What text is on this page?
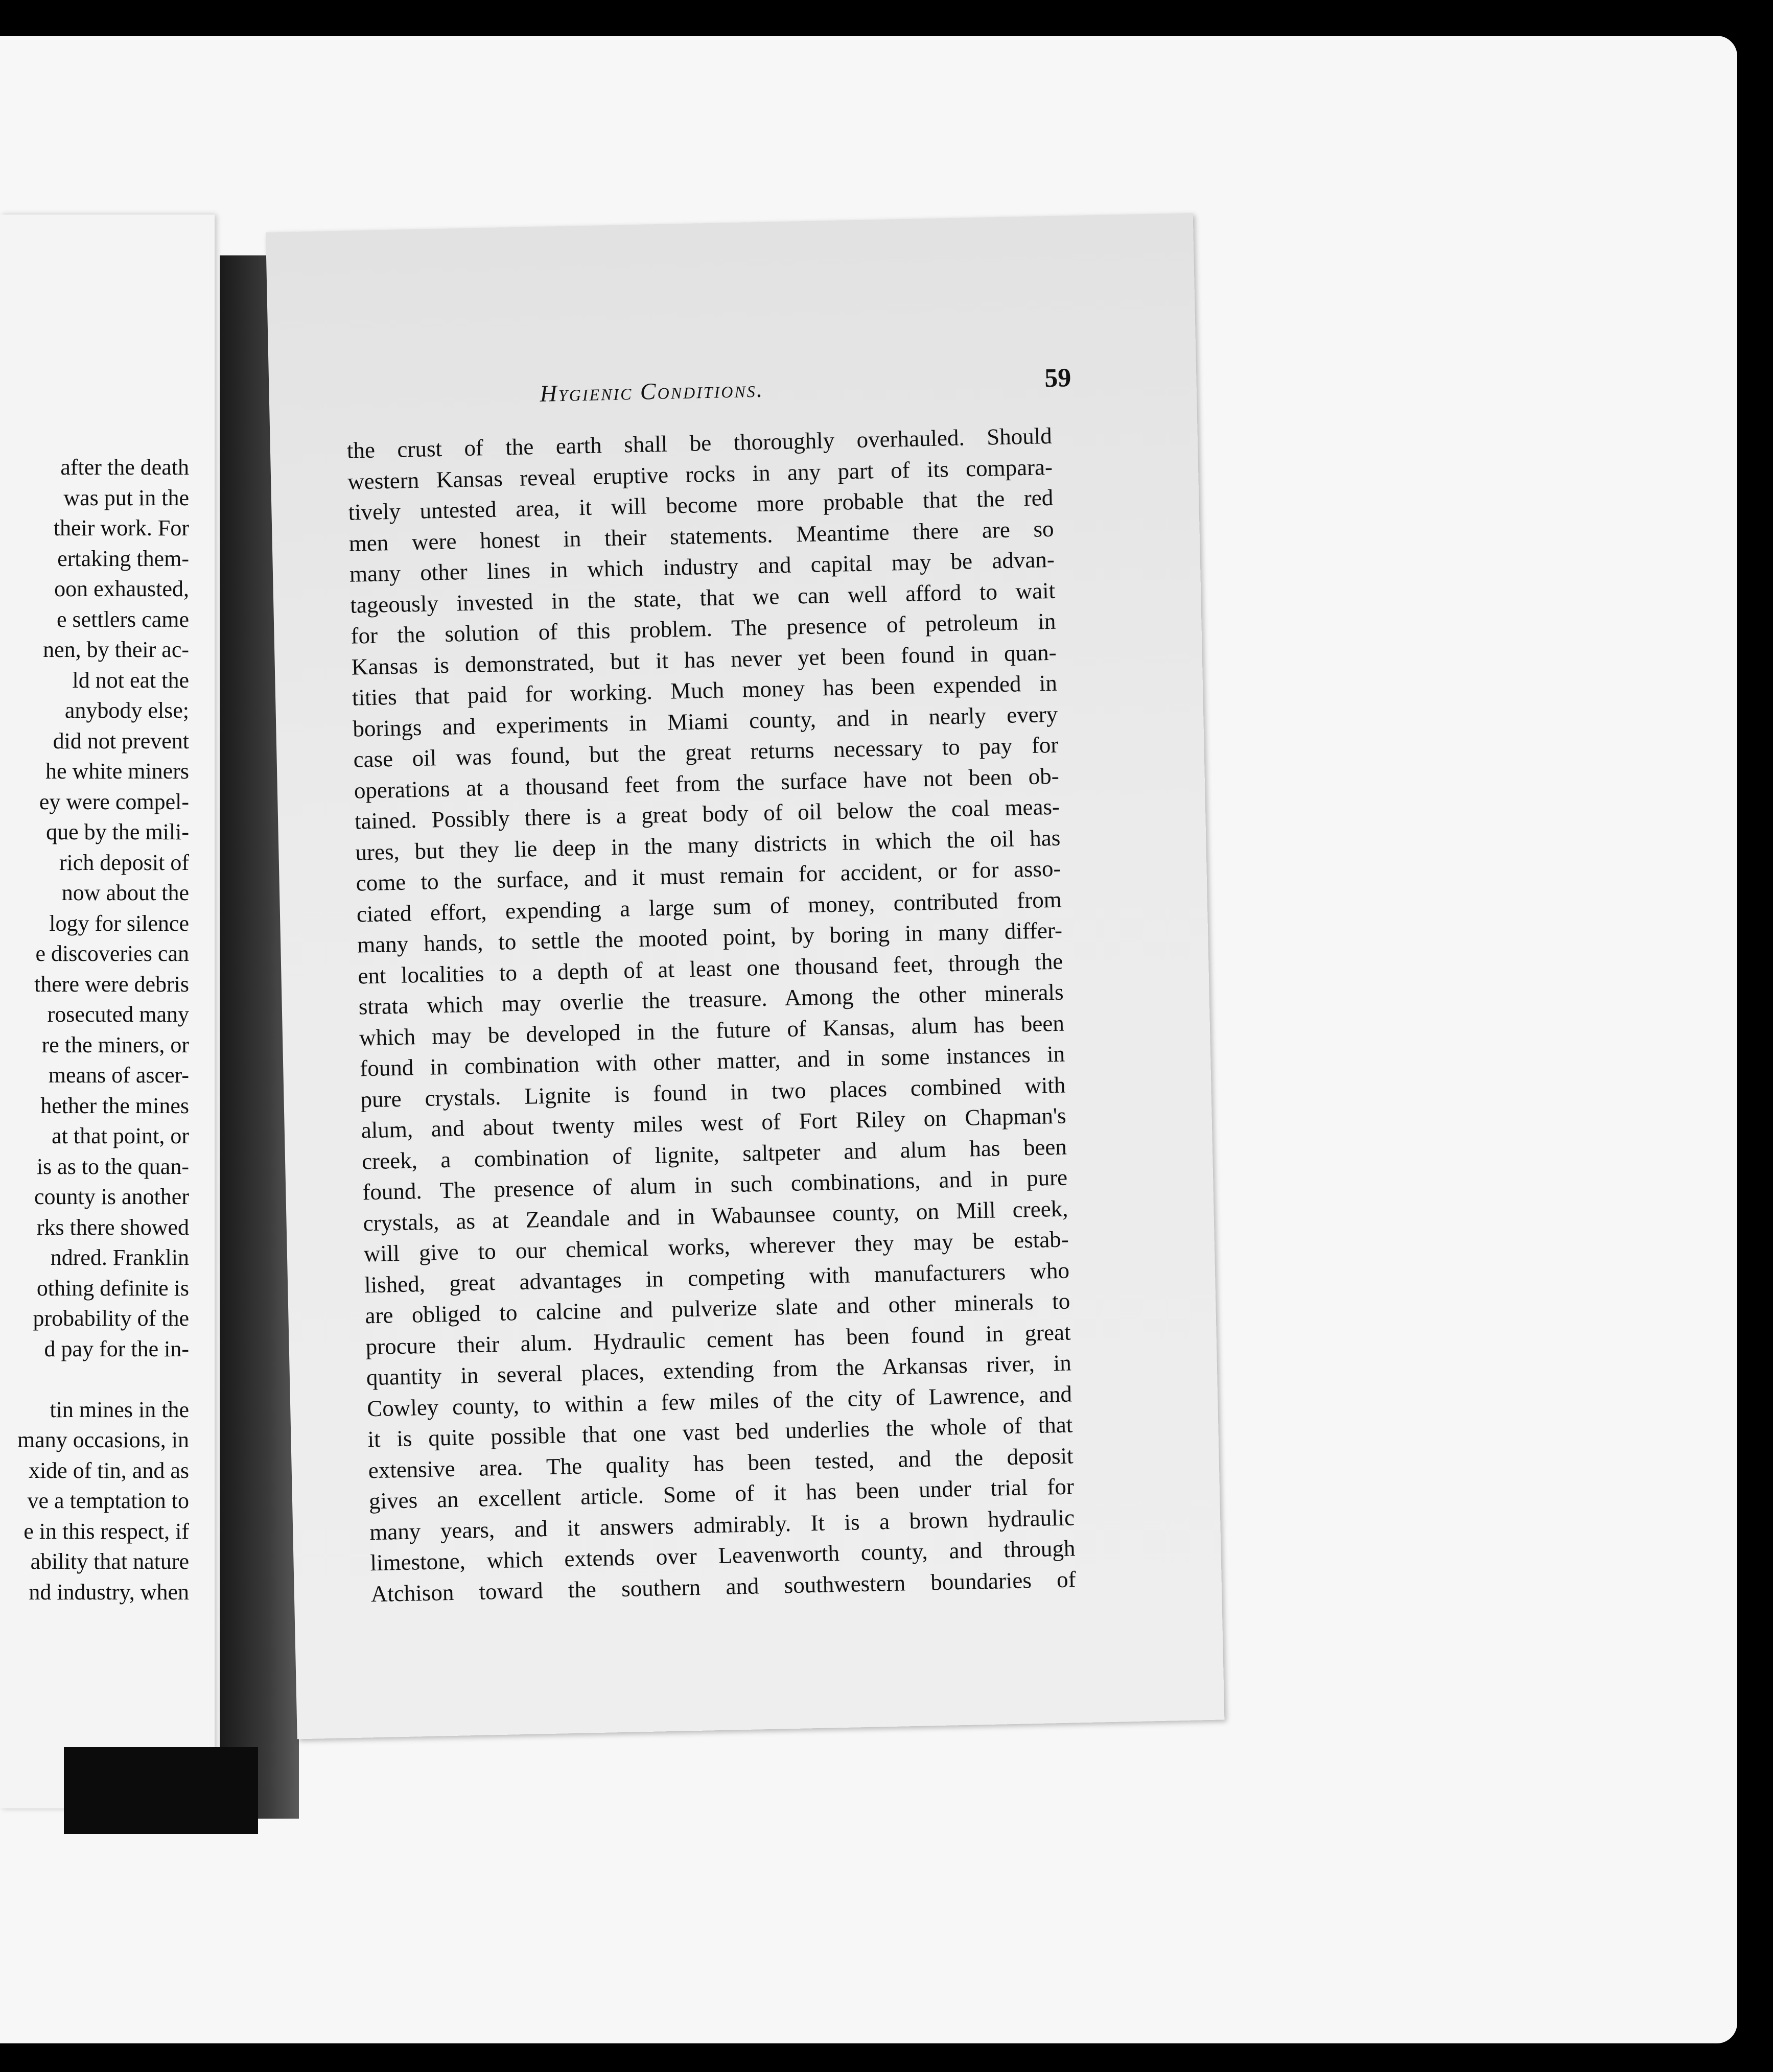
after the death
was put in the
their work. For
ertaking them-
oon exhausted,
e settlers came
nen, by their ac-
ld not eat the
anybody else;
did not prevent
he white miners
ey were compel-
que by the mili-
rich deposit of
now about the
logy for silence
e discoveries can
there were debris
rosecuted many
re the miners, or
means of ascer-
hether the mines
at that point, or
is as to the quan-
county is another
rks there showed
ndred. Franklin
othing definite is
probability of the
d pay for the in-
tin mines in the
many occasions, in
xide of tin, and as
ve a temptation to
e in this respect, if
ability that nature
nd industry, when
Hygienic Conditions.	59
the crust of the earth shall be thoroughly overhauled. Should
western Kansas reveal eruptive rocks in any part of its compara-
tively untested area, it will become more probable that the red
men were honest in their statements. Meantime there are so
many other lines in which industry and capital may be advan-
tageously invested in the state, that we can well afford to wait
for the solution of this problem. The presence of petroleum in
Kansas is demonstrated, but it has never yet been found in quan-
tities that paid for working. Much money has been expended in
borings and experiments in Miami county, and in nearly every
case oil was found, but the great returns necessary to pay for
operations at a thousand feet from the surface have not been ob-
tained. Possibly there is a great body of oil below the coal meas-
ures, but they lie deep in the many districts in which the oil has
come to the surface, and it must remain for accident, or for asso-
ciated effort, expending a large sum of money, contributed from
many hands, to settle the mooted point, by boring in many differ-
ent localities to a depth of at least one thousand feet, through the
strata which may overlie the treasure. Among the other minerals
which may be developed in the future of Kansas, alum has been
found in combination with other matter, and in some instances in
pure crystals. Lignite is found in two places combined with
alum, and about twenty miles west of Fort Riley on Chapman's
creek, a combination of lignite, saltpeter and alum has been
found. The presence of alum in such combinations, and in pure
crystals, as at Zeandale and in Wabaunsee county, on Mill creek,
will give to our chemical works, wherever they may be estab-
lished, great advantages in competing with manufacturers who
are obliged to calcine and pulverize slate and other minerals to
procure their alum. Hydraulic cement has been found in great
quantity in several places, extending from the Arkansas river, in
Cowley county, to within a few miles of the city of Lawrence, and
it is quite possible that one vast bed underlies the whole of that
extensive area. The quality has been tested, and the deposit
gives an excellent article. Some of it has been under trial for
many years, and it answers admirably. It is a brown hydraulic
limestone, which extends over Leavenworth county, and through
Atchison toward the southern and southwestern boundaries of
